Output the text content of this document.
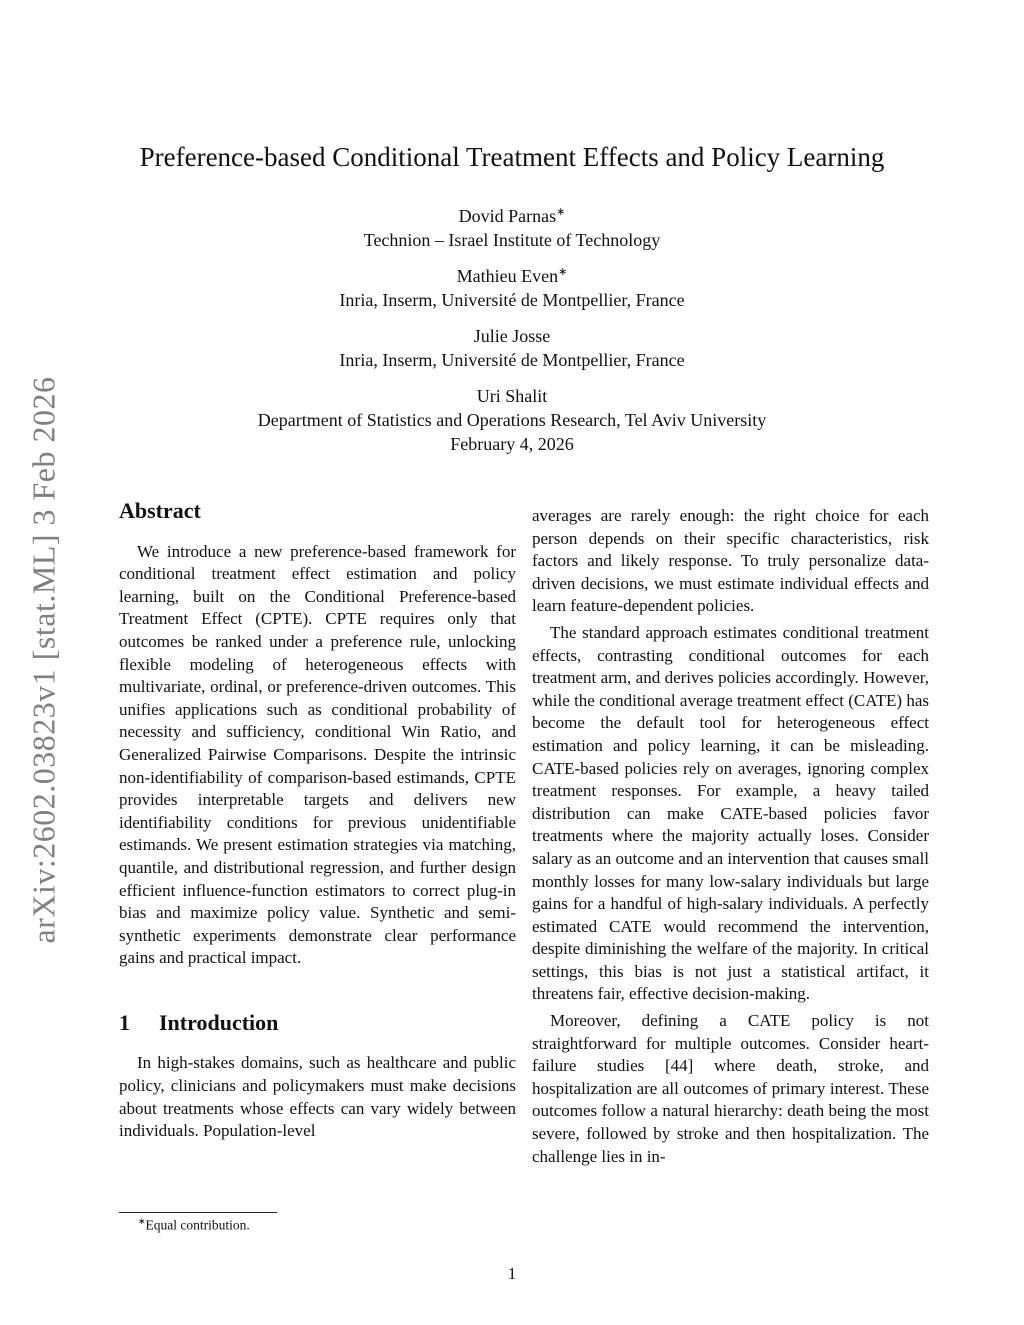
arXiv:2602.03823v1 [stat.ML] 3 Feb 2026
Preference-based Conditional Treatment Effects and Policy Learning
Dovid Parnas∗
Technion – Israel Institute of Technology
Mathieu Even∗
Inria, Inserm, Université de Montpellier, France
Julie Josse
Inria, Inserm, Université de Montpellier, France
Uri Shalit
Department of Statistics and Operations Research, Tel Aviv University
February 4, 2026
Abstract

We introduce a new preference-based framework for conditional treatment effect estimation and policy learning, built on the Conditional Preference-based Treatment Effect (CPTE). CPTE requires only that outcomes be ranked under a preference rule, unlocking flexible modeling of heterogeneous effects with multivariate, ordinal, or preference-driven outcomes. This unifies applications such as conditional probability of necessity and sufficiency, conditional Win Ratio, and Generalized Pairwise Comparisons. Despite the intrinsic non-identifiability of comparison-based estimands, CPTE provides interpretable targets and delivers new identifiability conditions for previous unidentifiable estimands. We present estimation strategies via matching, quantile, and distributional regression, and further design efficient influence-function estimators to correct plug-in bias and maximize policy value. Synthetic and semi-synthetic experiments demonstrate clear performance gains and practical impact.

1 Introduction

In high-stakes domains, such as healthcare and public policy, clinicians and policymakers must make decisions about treatments whose effects can vary widely between individuals. Population-level

averages are rarely enough: the right choice for each person depends on their specific characteristics, risk factors and likely response. To truly personalize data-driven decisions, we must estimate individual effects and learn feature-dependent policies.

The standard approach estimates conditional treatment effects, contrasting conditional outcomes for each treatment arm, and derives policies accordingly. However, while the conditional average treatment effect (CATE) has become the default tool for heterogeneous effect estimation and policy learning, it can be misleading. CATE-based policies rely on averages, ignoring complex treatment responses. For example, a heavy tailed distribution can make CATE-based policies favor treatments where the majority actually loses. Consider salary as an outcome and an intervention that causes small monthly losses for many low-salary individuals but large gains for a handful of high-salary individuals. A perfectly estimated CATE would recommend the intervention, despite diminishing the welfare of the majority. In critical settings, this bias is not just a statistical artifact, it threatens fair, effective decision-making.

Moreover, defining a CATE policy is not straightforward for multiple outcomes. Consider heart-failure studies [44] where death, stroke, and hospitalization are all outcomes of primary interest. These outcomes follow a natural hierarchy: death being the most severe, followed by stroke and then hospitalization. The challenge lies in in-

∗Equal contribution.
1
